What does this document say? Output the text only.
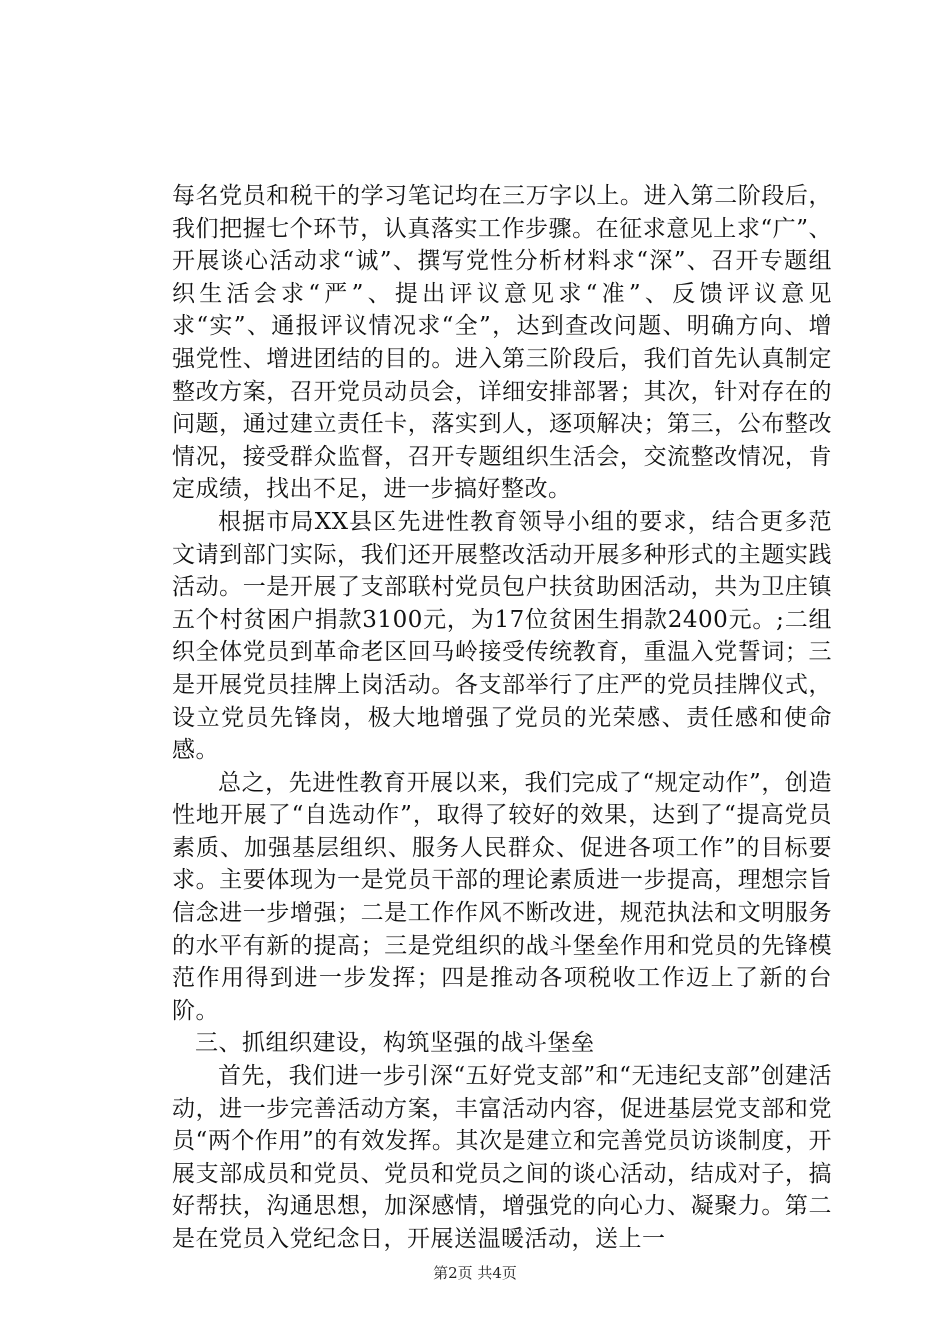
每名党员和税干的学习笔记均在三万字以上。进入第二阶段后，我们把握七个环节，认真落实工作步骤。在征求意见上求“广”、开展谈心活动求“诚”、撰写党性分析材料求“深”、召开专题组织生活会求“严”、提出评议意见求“准”、反馈评议意见求“实”、通报评议情况求“全”，达到查改问题、明确方向、增强党性、增进团结的目的。进入第三阶段后，我们首先认真制定整改方案，召开党员动员会，详细安排部署；其次，针对存在的问题，通过建立责任卡，落实到人，逐项解决；第三，公布整改情况，接受群众监督，召开专题组织生活会，交流整改情况，肯定成绩，找出不足，进一步搞好整改。

根据市局XX县区先进性教育领导小组的要求，结合更多范文请到部门实际，我们还开展整改活动开展多种形式的主题实践活动。一是开展了支部联村党员包户扶贫助困活动，共为卫庄镇五个村贫困户捐款3100元，为17位贫困生捐款2400元。;二组织全体党员到革命老区回马岭接受传统教育，重温入党誓词；三是开展党员挂牌上岗活动。各支部举行了庄严的党员挂牌仪式，设立党员先锋岗，极大地增强了党员的光荣感、责任感和使命感。

总之，先进性教育开展以来，我们完成了“规定动作”，创造性地开展了“自选动作”，取得了较好的效果，达到了“提高党员素质、加强基层组织、服务人民群众、促进各项工作”的目标要求。主要体现为一是党员干部的理论素质进一步提高，理想宗旨信念进一步增强；二是工作作风不断改进，规范执法和文明服务的水平有新的提高；三是党组织的战斗堡垒作用和党员的先锋模范作用得到进一步发挥；四是推动各项税收工作迈上了新的台阶。

三、抓组织建设，构筑坚强的战斗堡垒

首先，我们进一步引深“五好党支部”和“无违纪支部”创建活动，进一步完善活动方案，丰富活动内容，促进基层党支部和党员“两个作用”的有效发挥。其次是建立和完善党员访谈制度，开展支部成员和党员、党员和党员之间的谈心活动，结成对子，搞好帮扶，沟通思想，加深感情，增强党的向心力、凝聚力。第二是在党员入党纪念日，开展送温暖活动，送上一

第2页 共4页
